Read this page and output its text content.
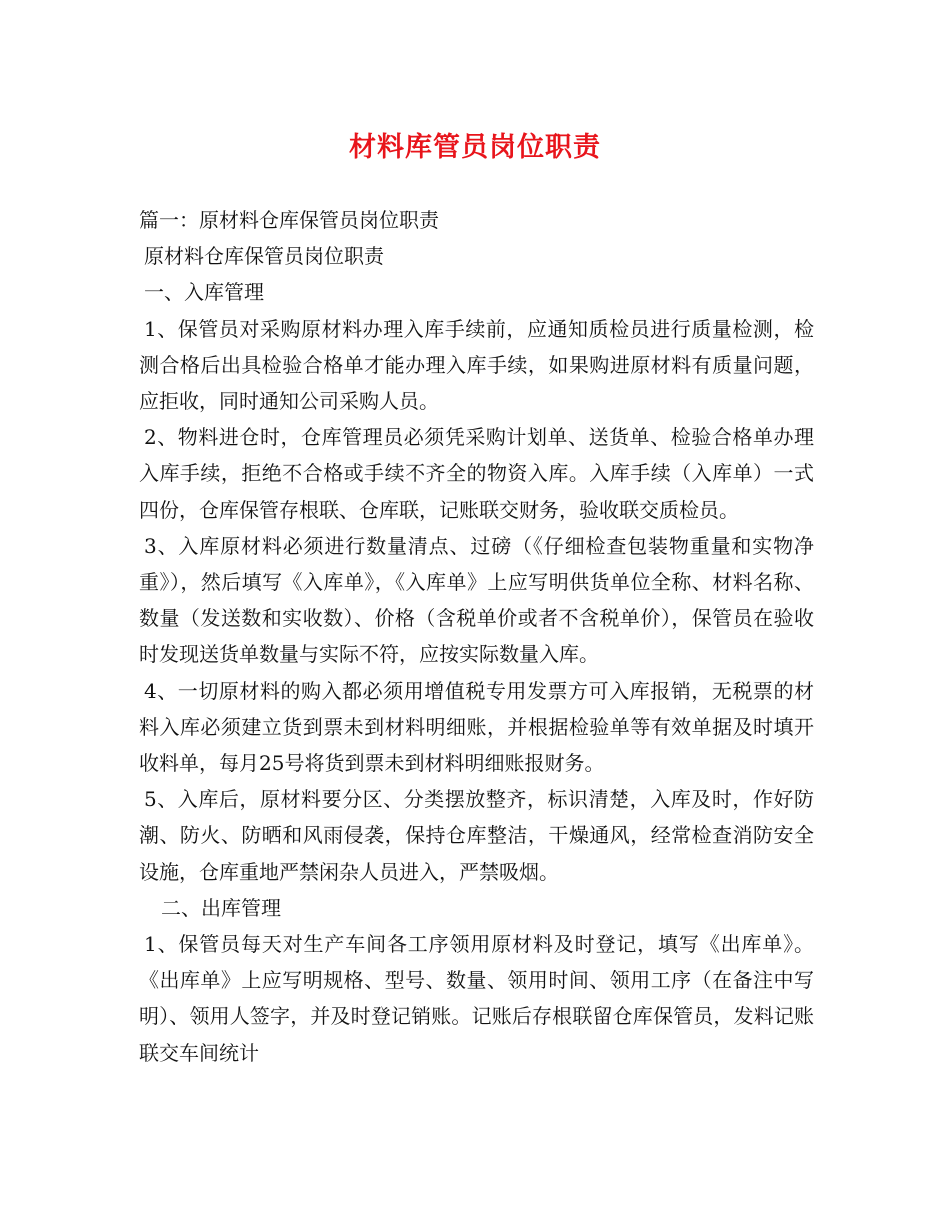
材料库管员岗位职责

篇一：原材料仓库保管员岗位职责

原材料仓库保管员岗位职责

一、入库管理

1、保管员对采购原材料办理入库手续前，应通知质检员进行质量检测，检测合格后出具检验合格单才能办理入库手续，如果购进原材料有质量问题，应拒收，同时通知公司采购人员。

2、物料进仓时，仓库管理员必须凭采购计划单、送货单、检验合格单办理入库手续，拒绝不合格或手续不齐全的物资入库。入库手续（入库单）一式四份，仓库保管存根联、仓库联，记账联交财务，验收联交质检员。

3、入库原材料必须进行数量清点、过磅（《仔细检查包装物重量和实物净重》），然后填写《入库单》，《入库单》上应写明供货单位全称、材料名称、数量（发送数和实收数）、价格（含税单价或者不含税单价），保管员在验收时发现送货单数量与实际不符，应按实际数量入库。

4、一切原材料的购入都必须用增值税专用发票方可入库报销，无税票的材料入库必须建立货到票未到材料明细账，并根据检验单等有效单据及时填开收料单，每月25号将货到票未到材料明细账报财务。

5、入库后，原材料要分区、分类摆放整齐，标识清楚，入库及时，作好防潮、防火、防晒和风雨侵袭，保持仓库整洁，干燥通风，经常检查消防安全设施，仓库重地严禁闲杂人员进入，严禁吸烟。

二、出库管理

1、保管员每天对生产车间各工序领用原材料及时登记，填写《出库单》。《出库单》上应写明规格、型号、数量、领用时间、领用工序（在备注中写明）、领用人签字，并及时登记销账。记账后存根联留仓库保管员，发料记账联交车间统计
